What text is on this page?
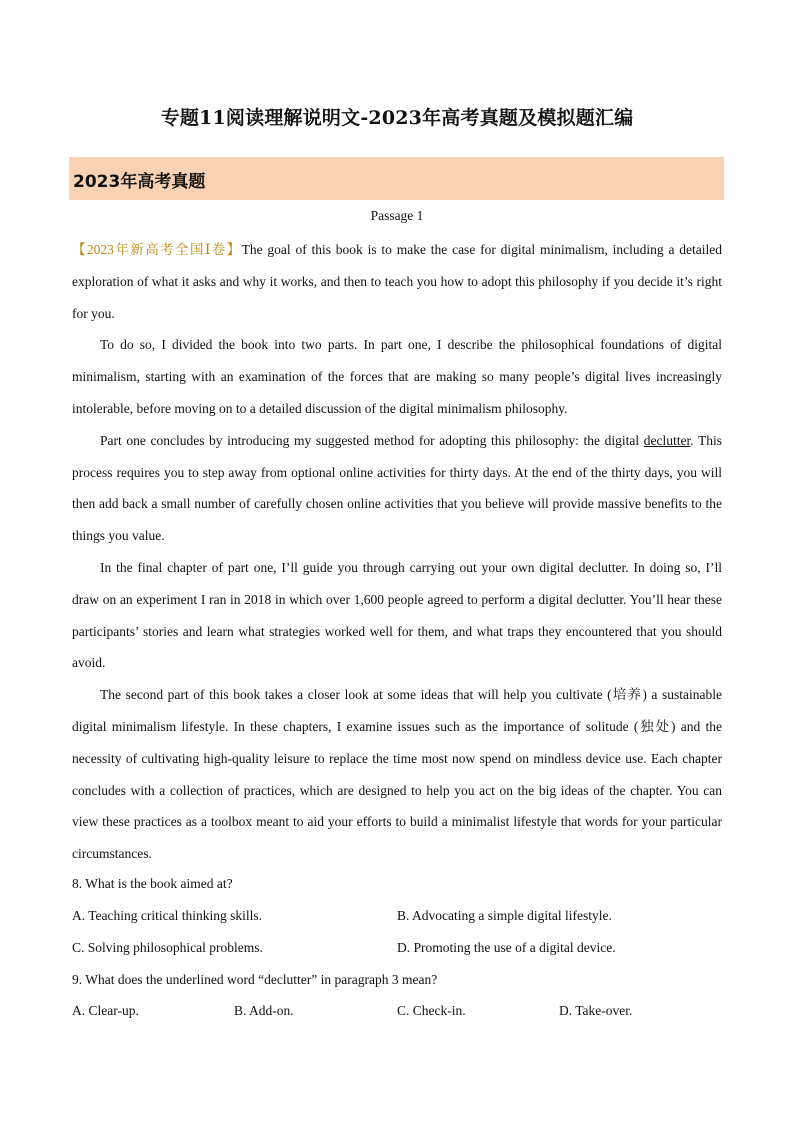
专题11阅读理解说明文-2023年高考真题及模拟题汇编
2023年高考真题
Passage 1

【2023年新高考全国Ⅰ卷】The goal of this book is to make the case for digital minimalism, including a detailed exploration of what it asks and why it works, and then to teach you how to adopt this philosophy if you decide it’s right for you.

To do so, I divided the book into two parts. In part one, I describe the philosophical foundations of digital minimalism, starting with an examination of the forces that are making so many people’s digital lives increasingly intolerable, before moving on to a detailed discussion of the digital minimalism philosophy.

Part one concludes by introducing my suggested method for adopting this philosophy: the digital declutter. This process requires you to step away from optional online activities for thirty days. At the end of the thirty days, you will then add back a small number of carefully chosen online activities that you believe will provide massive benefits to the things you value.

In the final chapter of part one, I’ll guide you through carrying out your own digital declutter. In doing so, I’ll draw on an experiment I ran in 2018 in which over 1,600 people agreed to perform a digital declutter. You’ll hear these participants’ stories and learn what strategies worked well for them, and what traps they encountered that you should avoid.

The second part of this book takes a closer look at some ideas that will help you cultivate (培养) a sustainable digital minimalism lifestyle. In these chapters, I examine issues such as the importance of solitude (独处) and the necessity of cultivating high-quality leisure to replace the time most now spend on mindless device use. Each chapter concludes with a collection of practices, which are designed to help you act on the big ideas of the chapter. You can view these practices as a toolbox meant to aid your efforts to build a minimalist lifestyle that words for your particular circumstances.

8. What is the book aimed at?
A. Teaching critical thinking skills.	B. Advocating a simple digital lifestyle.
C. Solving philosophical problems.	D. Promoting the use of a digital device.
9. What does the underlined word “declutter” in paragraph 3 mean?
A. Clear-up.	B. Add-on.	C. Check-in.	D. Take-over.
